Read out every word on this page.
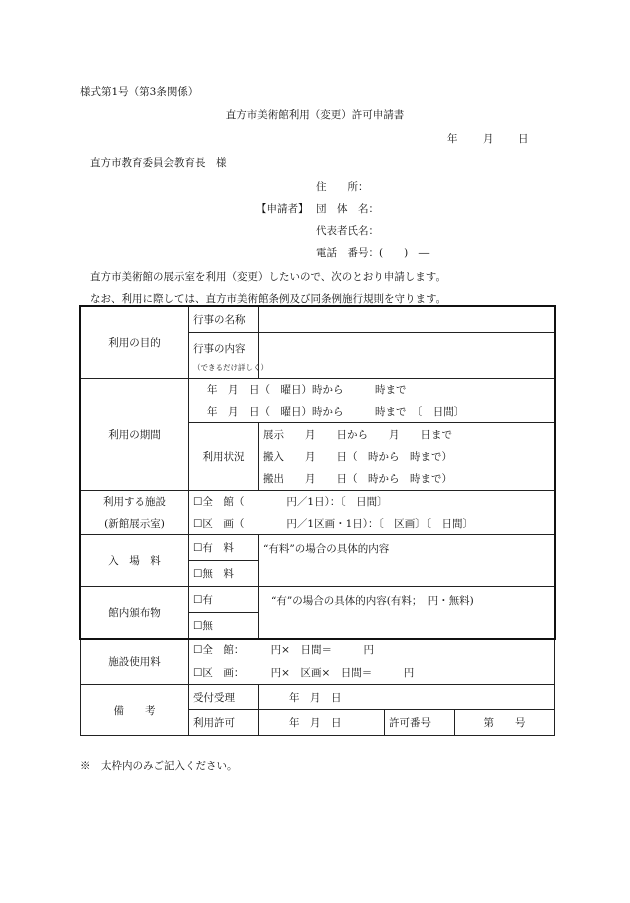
様式第1号（第3条関係）
直方市美術館利用（変更）許可申請書
年 月 日
直方市教育委員会教育長　様
住　　所：
【申請者】 団　体　名：
代表者氏名：
電話　番号：(　　)　―
直方市美術館の展示室を利用（変更）したいので、次のとおり申請します。
なお、利用に際しては、直方市美術館条例及び同条例施行規則を守ります。
利用の目的	行事の名称			

	行事の内容
（できるだけ詳しく）			

利用の期間	年　月　日（　曜日）時から　　　時まで			
	年　月　日（　曜日）時から　　　時まで　〔　日間〕			
	利用状況	展示　　月　　日から　　月　　日まで		
		搬入　　月　　日（　時から　時まで）		
		搬出　　月　　日（　時から　時まで）		
利用する施設	☐全　館（　　　　円／1日）：〔　日間〕			
(新館展示室)	☐区　画（　　　　円／1区画・1日）：〔　区画〕〔　日間〕			
入　場　料	☐有　料	“有料”の場合の具体的内容		
	☐無　料			
館内頒布物	☐有	“有”の場合の具体的内容(有料；　円・無料)		
	☐無			
施設使用料	☐全　館：　　　円×　日間＝　　　円			
	☐区　画：　　　円×　区画×　日間＝　　　円			
備　　考	受付受理	年　月　日		
	利用許可	年　月　日	許可番号	第　　号
※　太枠内のみご記入ください。
